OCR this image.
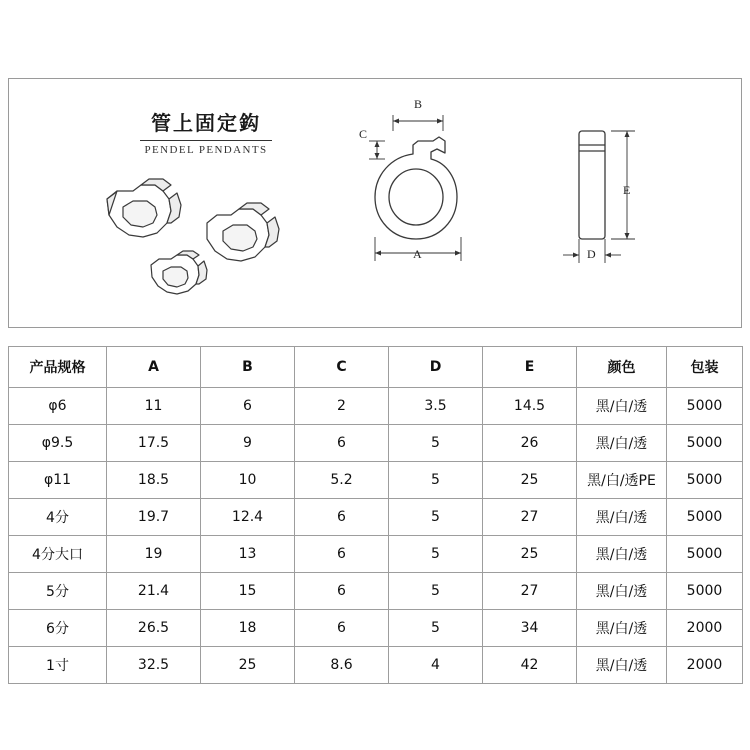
管上固定鈎
PENDEL PENDANTS
B
C
A
E
D
产品规格	A	B	C	D	E	颜色	包装
φ6	11	6	2	3.5	14.5	黑/白/透	5000
φ9.5	17.5	9	6	5	26	黑/白/透	5000
φ11	18.5	10	5.2	5	25	黑/白/透PE	5000
4分	19.7	12.4	6	5	27	黑/白/透	5000
4分大口	19	13	6	5	25	黑/白/透	5000
5分	21.4	15	6	5	27	黑/白/透	5000
6分	26.5	18	6	5	34	黑/白/透	2000
1寸	32.5	25	8.6	4	42	黑/白/透	2000
